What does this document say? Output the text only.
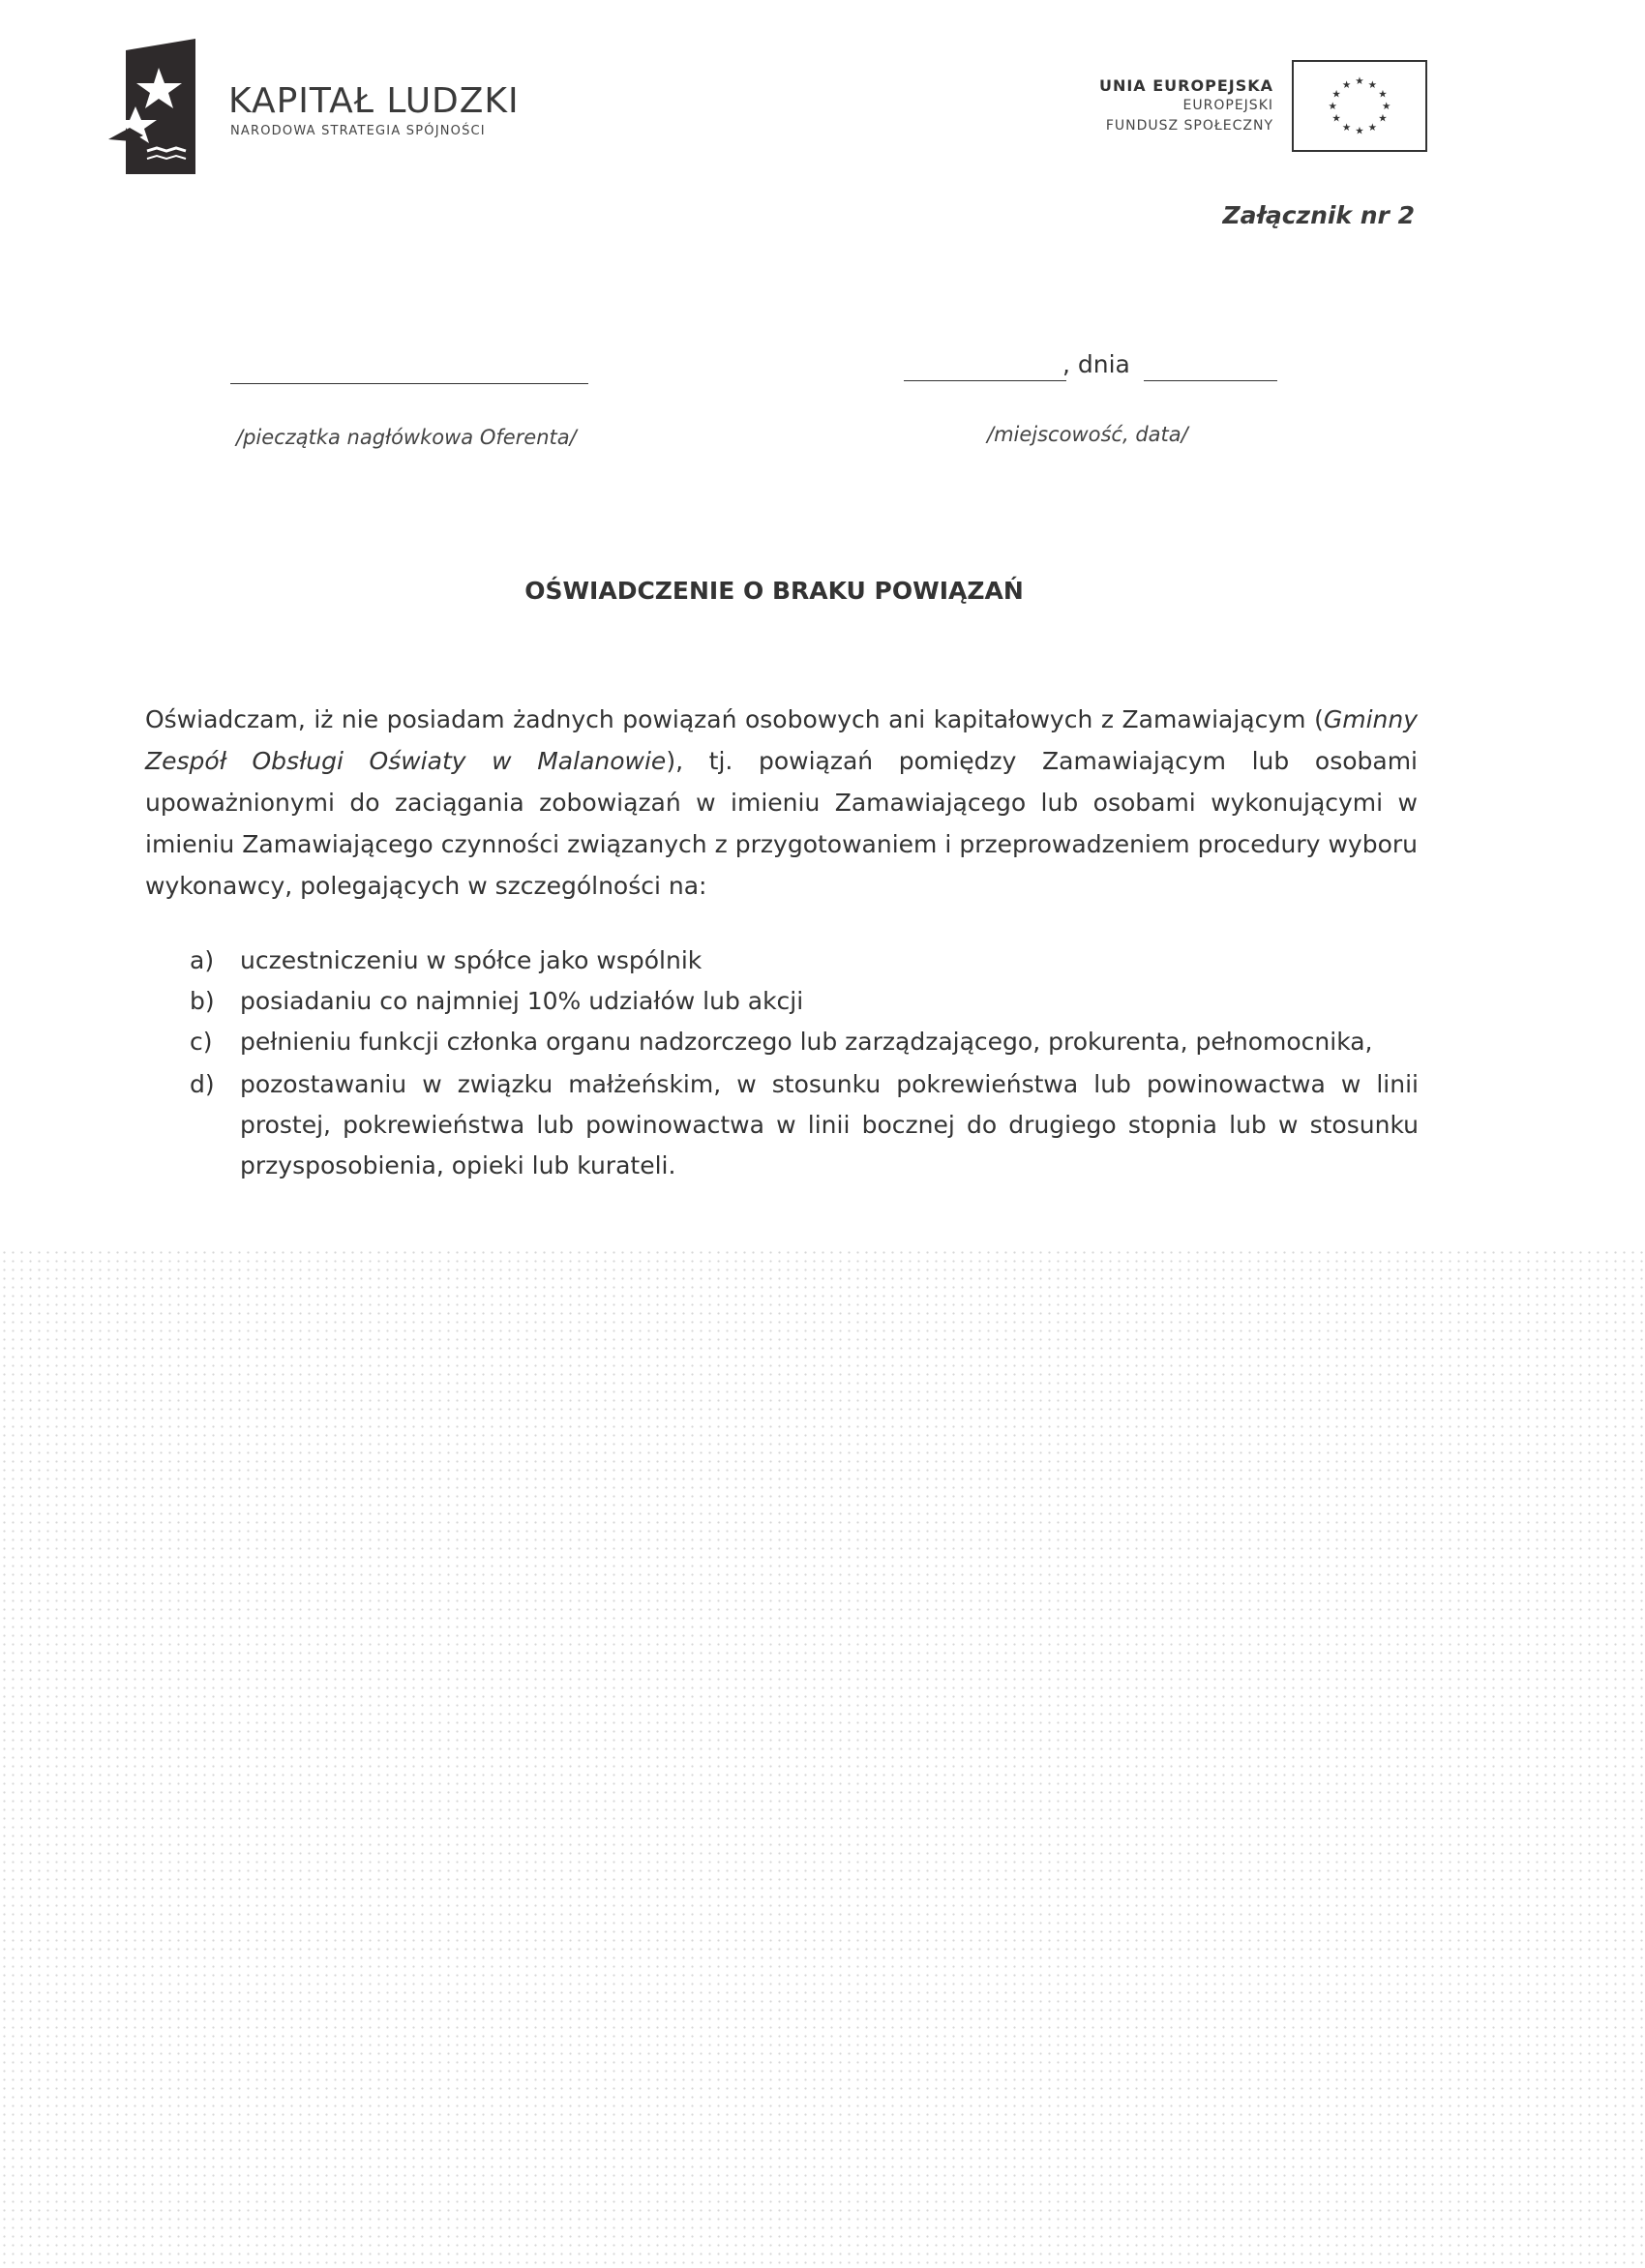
KAPITAŁ LUDZKI
NARODOWA STRATEGIA SPÓJNOŚCI
UNIA EUROPEJSKA
EUROPEJSKI
FUNDUSZ SPOŁECZNY
★ ★
★
★
★
★
★
★
★
★
★
★
Załącznik nr 2
, dnia
/pieczątka nagłówkowa Oferenta/	/miejscowość, data/
OŚWIADCZENIE O BRAKU POWIĄZAŃ
Oświadczam, iż nie posiadam żadnych powiązań osobowych ani kapitałowych z Zamawiającym (Gminny Zespół Obsługi Oświaty w Malanowie), tj. powiązań pomiędzy Zamawiającym lub osobami upoważnionymi do zaciągania zobowiązań w imieniu Zamawiającego lub osobami wykonującymi w imieniu Zamawiającego czynności związanych z przygotowaniem i przeprowadzeniem procedury wyboru wykonawcy, polegających w szczególności na:
a)	uczestniczeniu w spółce jako wspólnik
b)	posiadaniu co najmniej 10% udziałów lub akcji
c)	pełnieniu funkcji członka organu nadzorczego lub zarządzającego, prokurenta, pełnomocnika,
d)	pozostawaniu w związku małżeńskim, w stosunku pokrewieństwa lub powinowactwa w linii prostej, pokrewieństwa lub powinowactwa w linii bocznej do drugiego stopnia lub w stosunku przysposobienia, opieki lub kurateli.
